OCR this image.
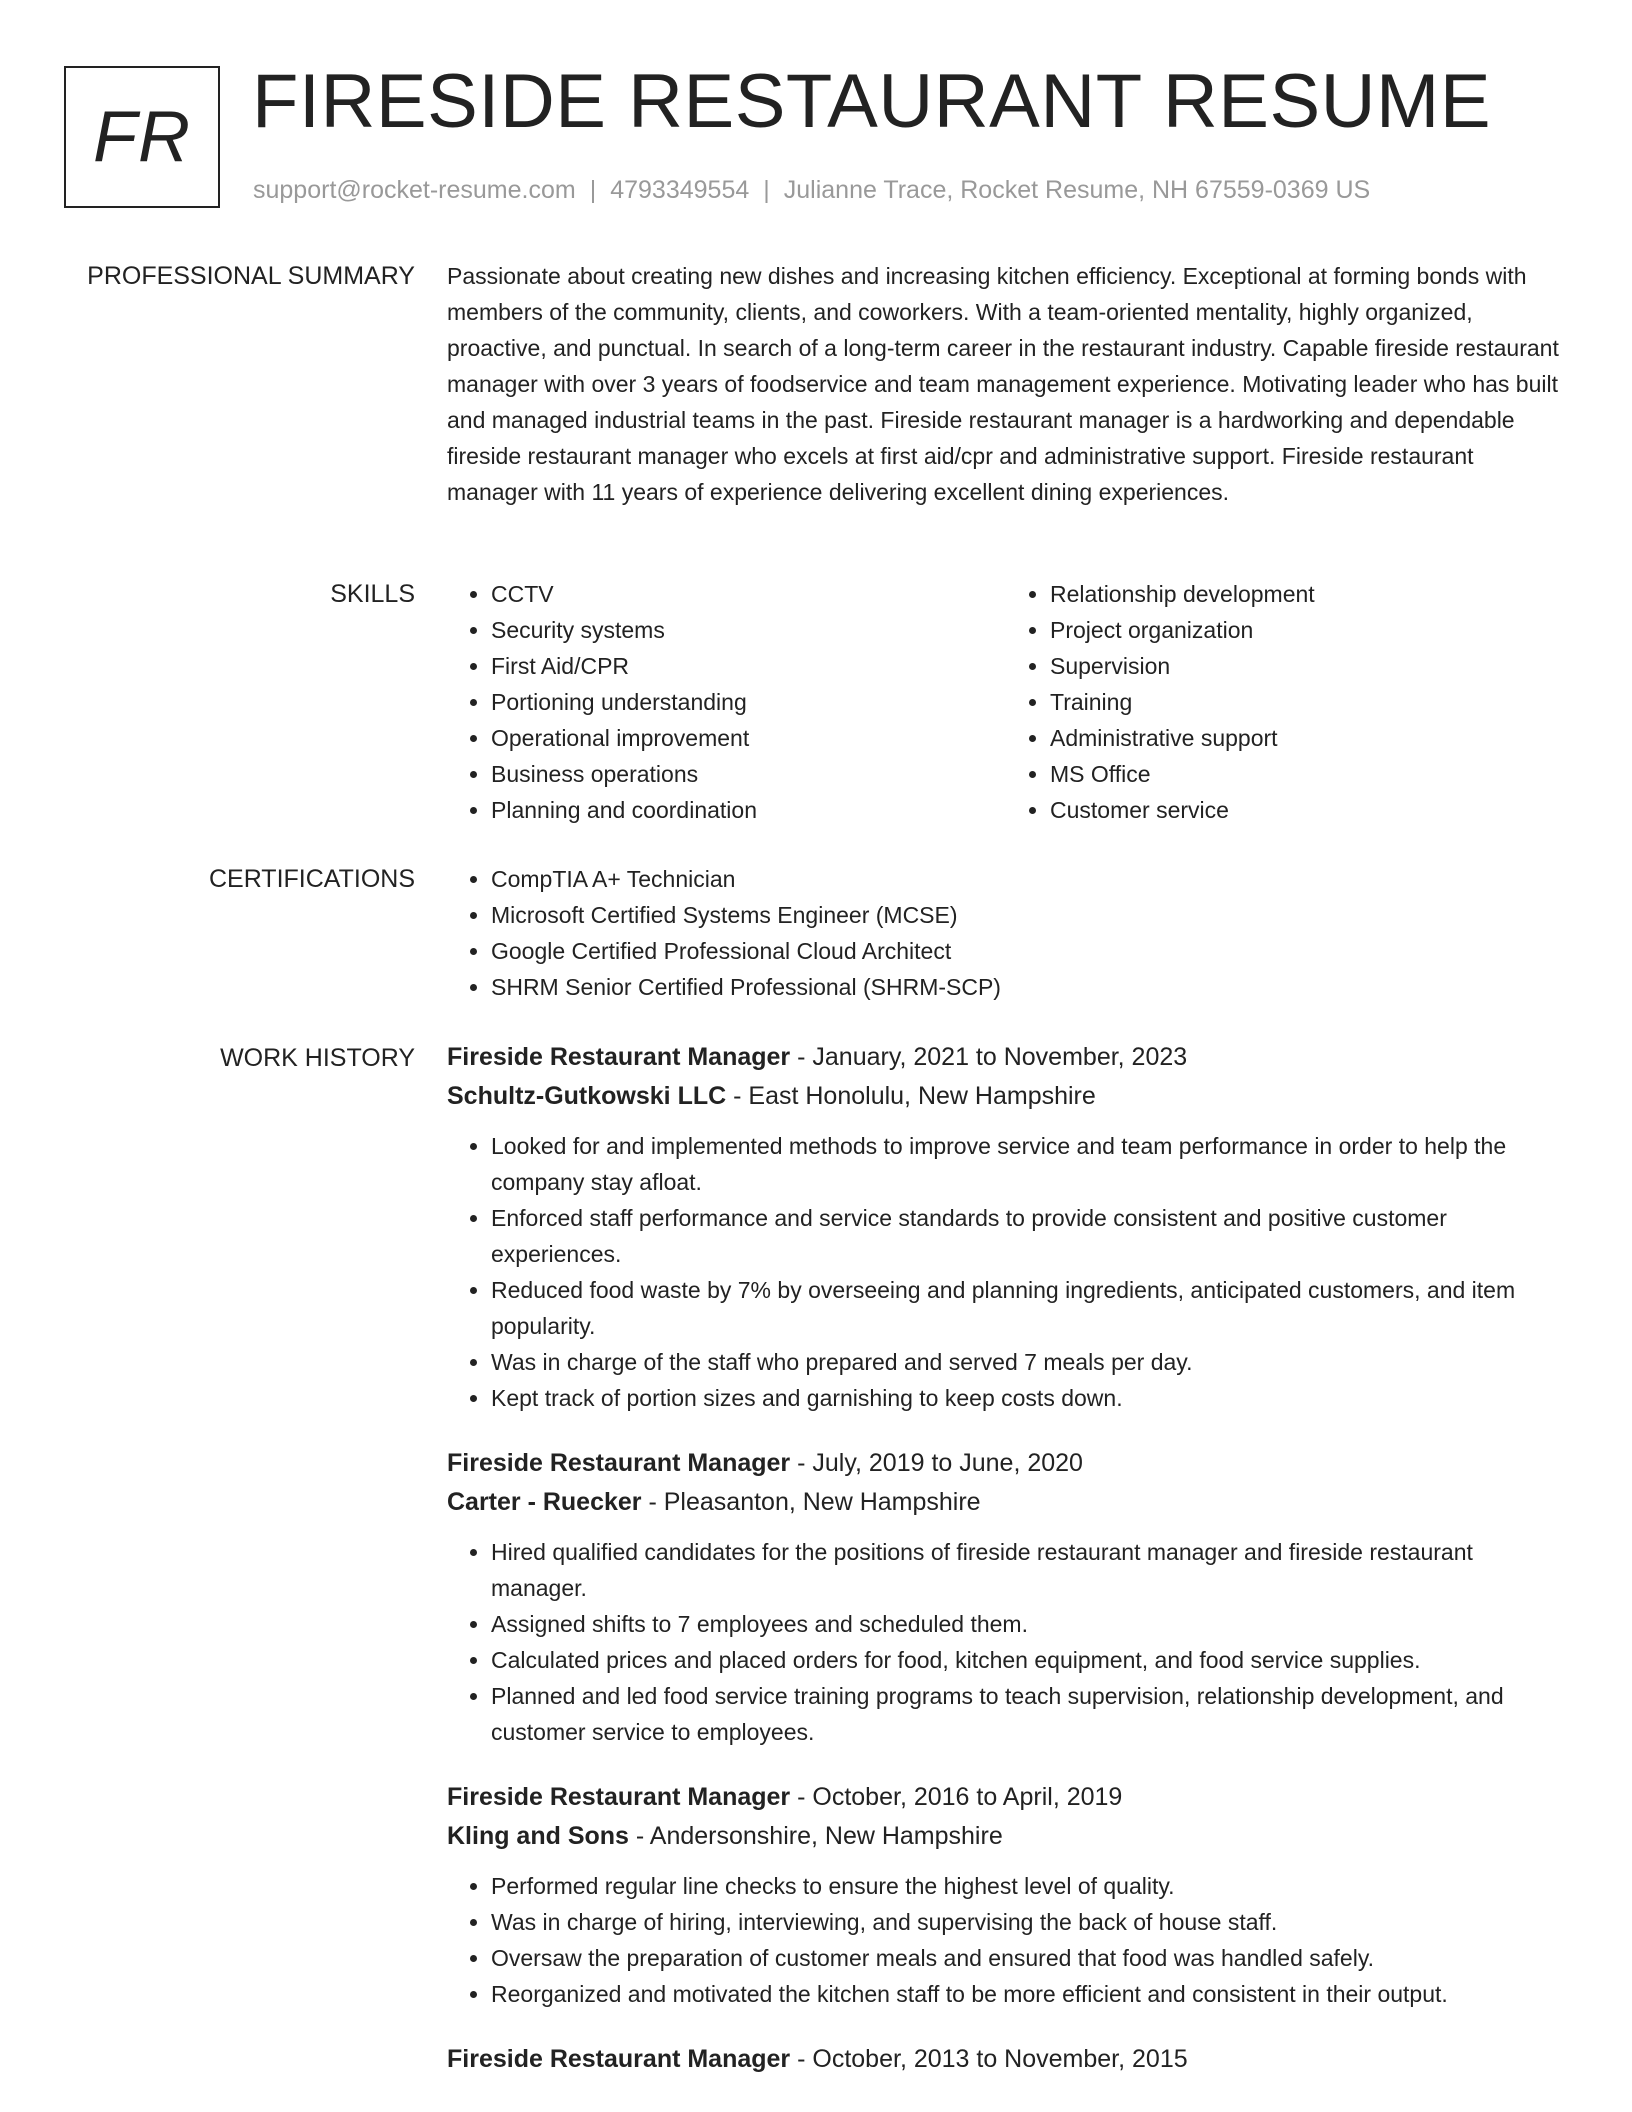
FR FIRESIDE RESTAURANT RESUME
support@rocket-resume.com | 4793349554 | Julianne Trace, Rocket Resume, NH 67559-0369 US
PROFESSIONAL SUMMARY Passionate about creating new dishes and increasing kitchen efficiency. Exceptional at forming bonds with members of the community, clients, and coworkers. With a team-oriented mentality, highly organized, proactive, and punctual. In search of a long-term career in the restaurant industry. Capable fireside restaurant manager with over 3 years of foodservice and team management experience. Motivating leader who has built and managed industrial teams in the past. Fireside restaurant manager is a hardworking and dependable fireside restaurant manager who excels at first aid/cpr and administrative support. Fireside restaurant manager with 11 years of experience delivering excellent dining experiences.

SKILLS	• CCTV
• Security systems
• First Aid/CPR
• Portioning understanding
• Operational improvement
• Business operations
• Planning and coordination
• Relationship development
• Project organization
• Supervision
• Training
• Administrative support
• MS Office
• Customer service
CERTIFICATIONS	• CompTIA A+ Technician
• Microsoft Certified Systems Engineer (MCSE)
• Google Certified Professional Cloud Architect
• SHRM Senior Certified Professional (SHRM-SCP)
WORK HISTORY Fireside Restaurant Manager - January, 2021 to November, 2023
Schultz-Gutkowski LLC - East Honolulu, New Hampshire
• Looked for and implemented methods to improve service and team performance in order to help the company stay afloat.
• Enforced staff performance and service standards to provide consistent and positive customer experiences.
• Reduced food waste by 7% by overseeing and planning ingredients, anticipated customers, and item popularity.
• Was in charge of the staff who prepared and served 7 meals per day.
• Kept track of portion sizes and garnishing to keep costs down.
Fireside Restaurant Manager - July, 2019 to June, 2020
Carter - Ruecker - Pleasanton, New Hampshire
• Hired qualified candidates for the positions of fireside restaurant manager and fireside restaurant manager.
• Assigned shifts to 7 employees and scheduled them.
• Calculated prices and placed orders for food, kitchen equipment, and food service supplies.
• Planned and led food service training programs to teach supervision, relationship development, and customer service to employees.
Fireside Restaurant Manager - October, 2016 to April, 2019
Kling and Sons - Andersonshire, New Hampshire
• Performed regular line checks to ensure the highest level of quality.
• Was in charge of hiring, interviewing, and supervising the back of house staff.
• Oversaw the preparation of customer meals and ensured that food was handled safely.
• Reorganized and motivated the kitchen staff to be more efficient and consistent in their output.
Fireside Restaurant Manager - October, 2013 to November, 2015
